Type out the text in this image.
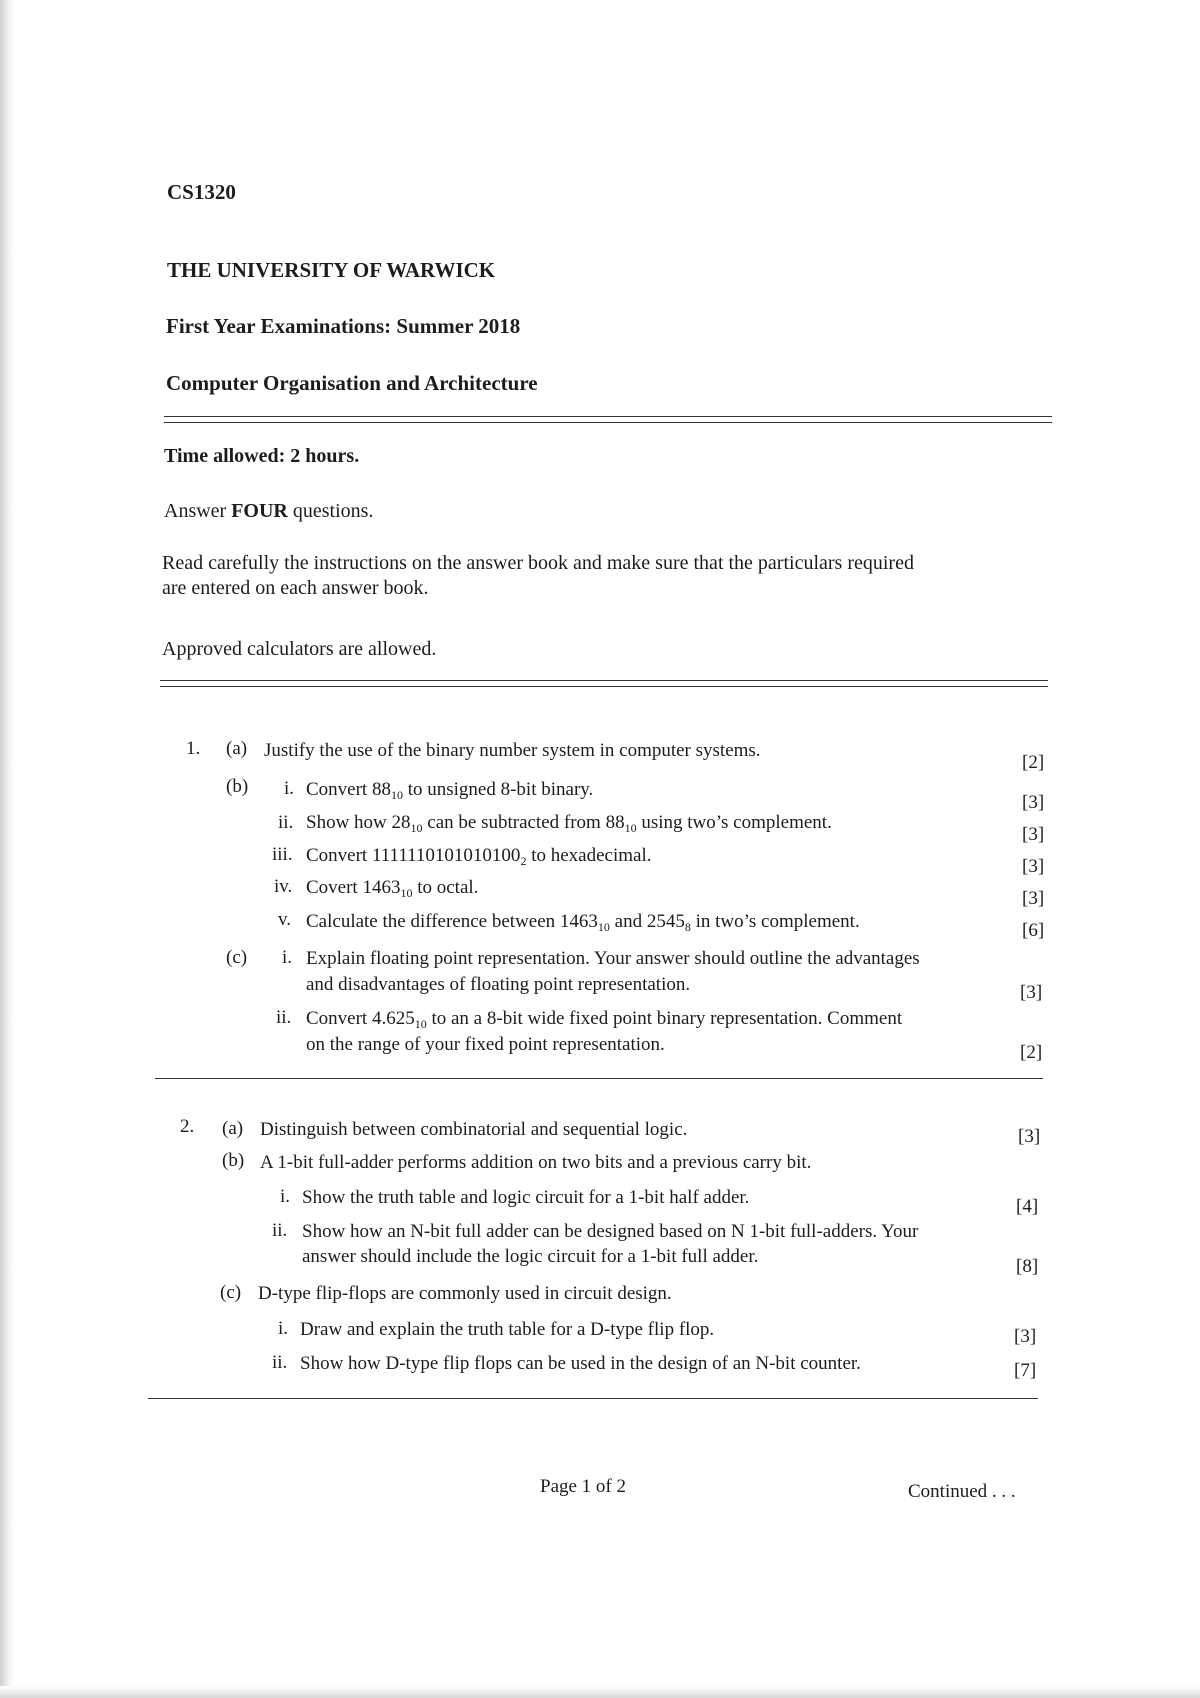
CS1320
THE UNIVERSITY OF WARWICK
First Year Examinations: Summer 2018
Computer Organisation and Architecture
Time allowed: 2 hours.
Answer FOUR questions.
Read carefully the instructions on the answer book and make sure that the particulars required
are entered on each answer book.
Approved calculators are allowed.
1. (a) Justify the use of the binary number system in computer systems.
[2]
(b) i. Convert $88_{10}$ to unsigned 8-bit binary.
[3]
ii. Show how $28_{10}$ can be subtracted from $88_{10}$ using two’s complement.
[3]
iii. Convert $1111110101010100_2$ to hexadecimal.
[3]
iv. Covert $1463_{10}$ to octal.
[3]
v. Calculate the difference between $1463_{10}$ and $2545_8$ in two’s complement.	[6]
(c) i. Explain floating point representation. Your answer should outline the advantages
and disadvantages of floating point representation.	[3]
ii. Convert $4.625_{10}$ to an a 8-bit wide fixed point binary representation. Comment
on the range of your fixed point representation.	[2]
2. (a) Distinguish between combinatorial and sequential logic.	[3]
(b) A 1-bit full-adder performs addition on two bits and a previous carry bit.
i. Show the truth table and logic circuit for a 1-bit half adder.	[4]
ii. Show how an N-bit full adder can be designed based on N 1-bit full-adders. Your
answer should include the logic circuit for a 1-bit full adder.	[8]
(c) D-type flip-flops are commonly used in circuit design.
i. Draw and explain the truth table for a D-type flip flop.	[3]
ii. Show how D-type flip flops can be used in the design of an N-bit counter.	[7]
Page 1 of 2	Continued . . .
